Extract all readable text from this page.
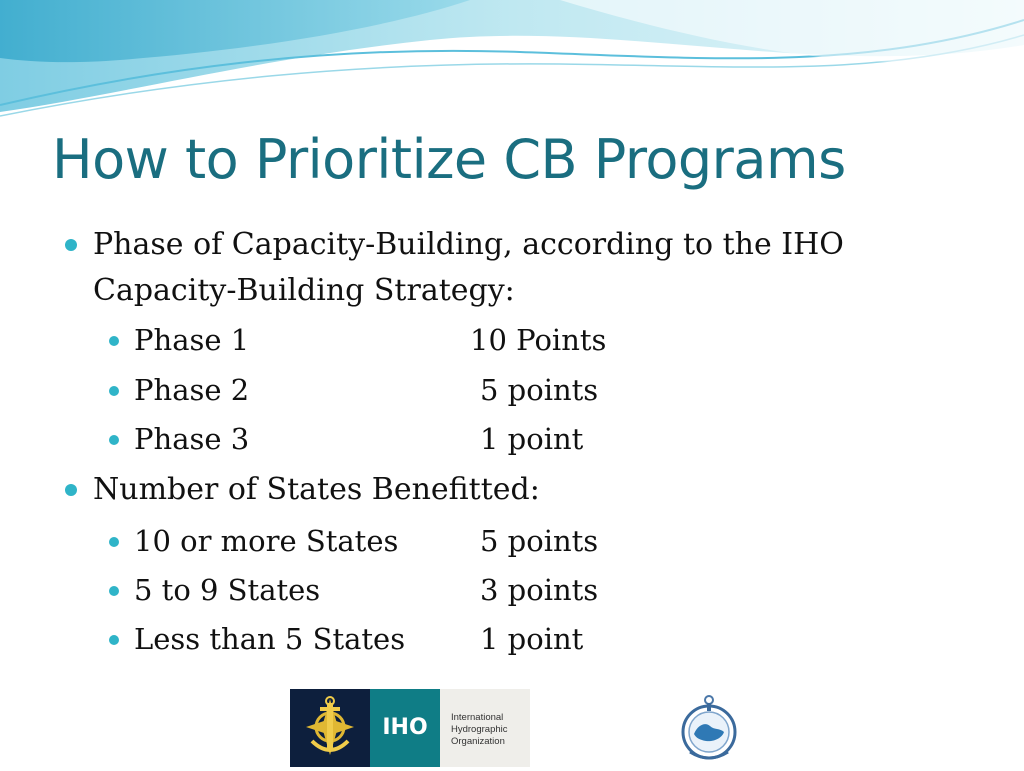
How to Prioritize CB Programs
Phase of Capacity-Building, according to the IHO Capacity-Building Strategy:
Phase 1	10 Points
Phase 2	5 points
Phase 3	1 point
Number of States Benefitted:
10 or more States	5 points
5 to 9 States	3 points
Less than 5 States	1 point
IHO	International
Hydrographic
Organization
